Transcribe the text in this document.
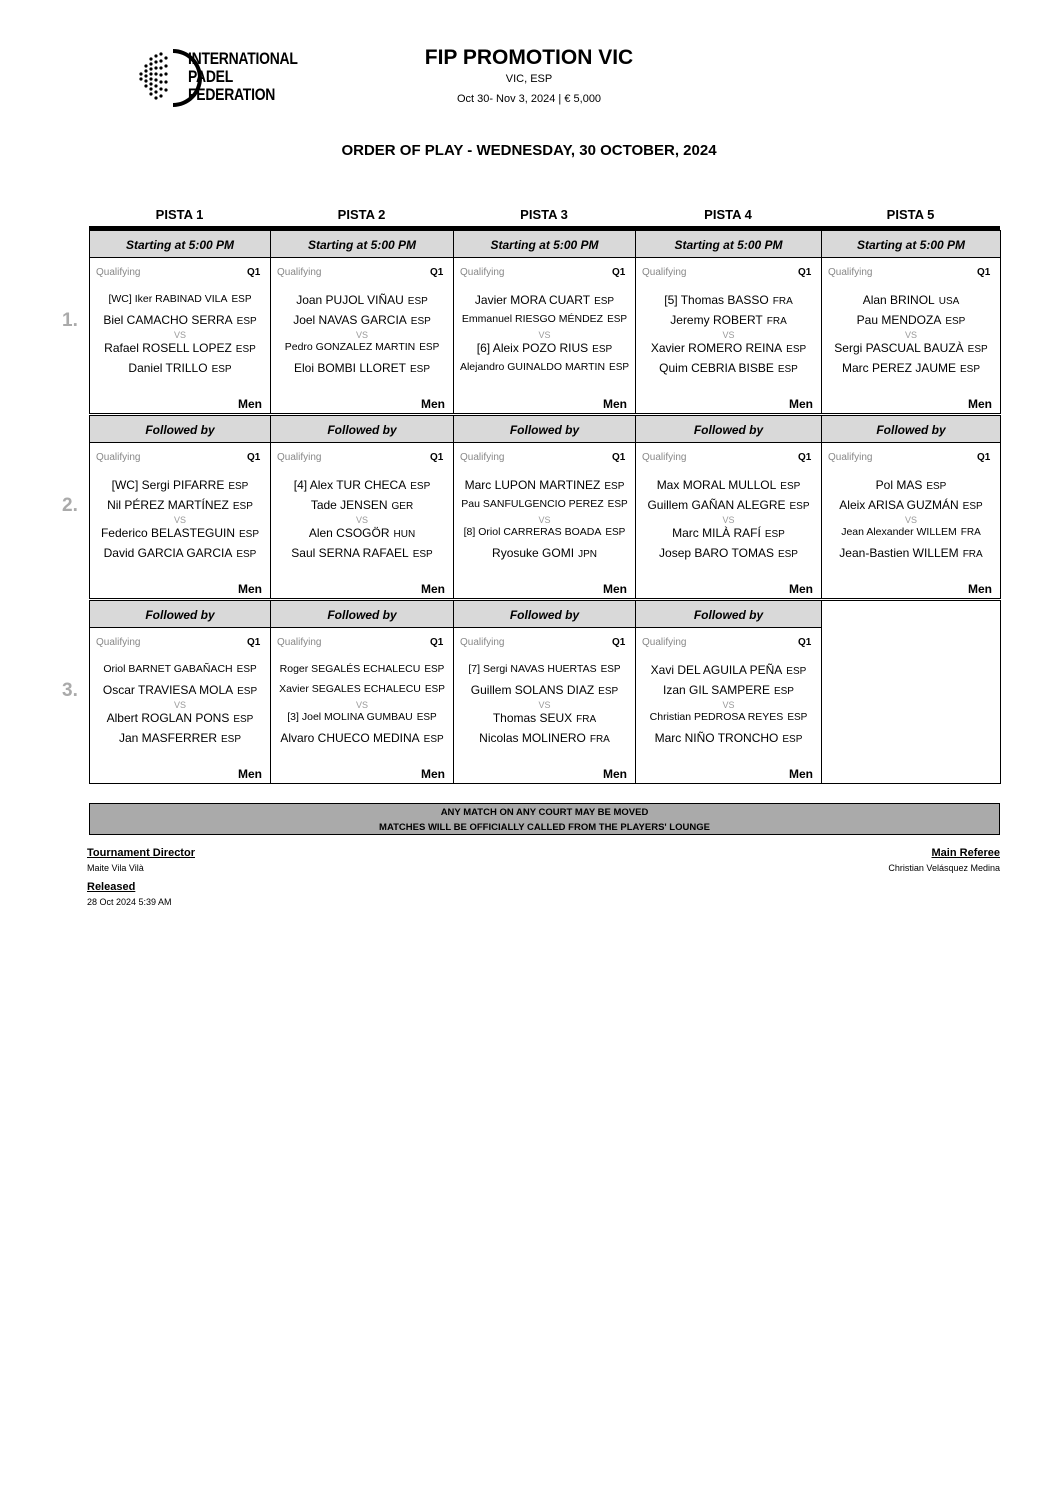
INTERNATIONAL
PADEL
FEDERATION
FIP PROMOTION VIC
VIC, ESP
Oct 30- Nov 3, 2024 | € 5,000
ORDER OF PLAY - WEDNESDAY, 30 OCTOBER, 2024
PISTA 1	PISTA 2	PISTA 3	PISTA 4	PISTA 5
1.
Starting at 5:00 PM
Qualifying	Q1
[WC] Iker RABINAD VILA ESP
Biel CAMACHO SERRA ESP
Rafael ROSELL LOPEZ ESP
Daniel TRILLO ESP
VS
Men
Starting at 5:00 PM
Qualifying	Q1
Joan PUJOL VIÑAU ESP
Joel NAVAS GARCIA ESP
Pedro GONZALEZ MARTIN ESP
Eloi BOMBI LLORET ESP
VS
Men
Starting at 5:00 PM
Qualifying	Q1
Javier MORA CUART ESP
Emmanuel RIESGO MÉNDEZ ESP
[6] Aleix POZO RIUS ESP
Alejandro GUINALDO MARTIN ESP
VS
Men
Starting at 5:00 PM
Qualifying	Q1
[5] Thomas BASSO FRA
Jeremy ROBERT FRA
Xavier ROMERO REINA ESP
Quim CEBRIA BISBE ESP
VS
Men
Starting at 5:00 PM
Qualifying	Q1
Alan BRINOL USA
Pau MENDOZA ESP
Sergi PASCUAL BAUZÀ ESP
Marc PEREZ JAUME ESP
VS
Men
2.
Followed by
Qualifying	Q1
[WC] Sergi PIFARRE ESP
Nil PÉREZ MARTÍNEZ ESP
Federico BELASTEGUIN ESP
David GARCIA GARCIA ESP
VS
Men
Followed by
Qualifying	Q1
[4] Alex TUR CHECA ESP
Tade JENSEN GER
Alen CSOGÖR HUN
Saul SERNA RAFAEL ESP
VS
Men
Followed by
Qualifying	Q1
Marc LUPON MARTINEZ ESP
Pau SANFULGENCIO PEREZ ESP
[8] Oriol CARRERAS BOADA ESP
Ryosuke GOMI JPN
VS
Men
Followed by
Qualifying	Q1
Max MORAL MULLOL ESP
Guillem GAÑAN ALEGRE ESP
Marc MILÀ RAFÍ ESP
Josep BARO TOMAS ESP
VS
Men
Followed by
Qualifying	Q1
Pol MAS ESP
Aleix ARISA GUZMÁN ESP
Jean Alexander WILLEM FRA
Jean-Bastien WILLEM FRA
VS
Men
3.
Followed by
Qualifying	Q1
Oriol BARNET GABAÑACH ESP
Oscar TRAVIESA MOLA ESP
Albert ROGLAN PONS ESP
Jan MASFERRER ESP
VS
Men
Followed by
Qualifying	Q1
Roger SEGALÉS ECHALECU ESP
Xavier SEGALES ECHALECU ESP
[3] Joel MOLINA GUMBAU ESP
Alvaro CHUECO MEDINA ESP
VS
Men
Followed by
Qualifying	Q1
[7] Sergi NAVAS HUERTAS ESP
Guillem SOLANS DIAZ ESP
Thomas SEUX FRA
Nicolas MOLINERO FRA
VS
Men
Followed by
Qualifying	Q1
Xavi DEL AGUILA PEÑA ESP
Izan GIL SAMPERE ESP
Christian PEDROSA REYES ESP
Marc NIÑO TRONCHO ESP
VS
Men
ANY MATCH ON ANY COURT MAY BE MOVED
MATCHES WILL BE OFFICIALLY CALLED FROM THE PLAYERS' LOUNGE
Tournament Director
Maite Vila Vilà
Released
28 Oct 2024 5:39 AM
Main Referee
Christian Velásquez Medina
